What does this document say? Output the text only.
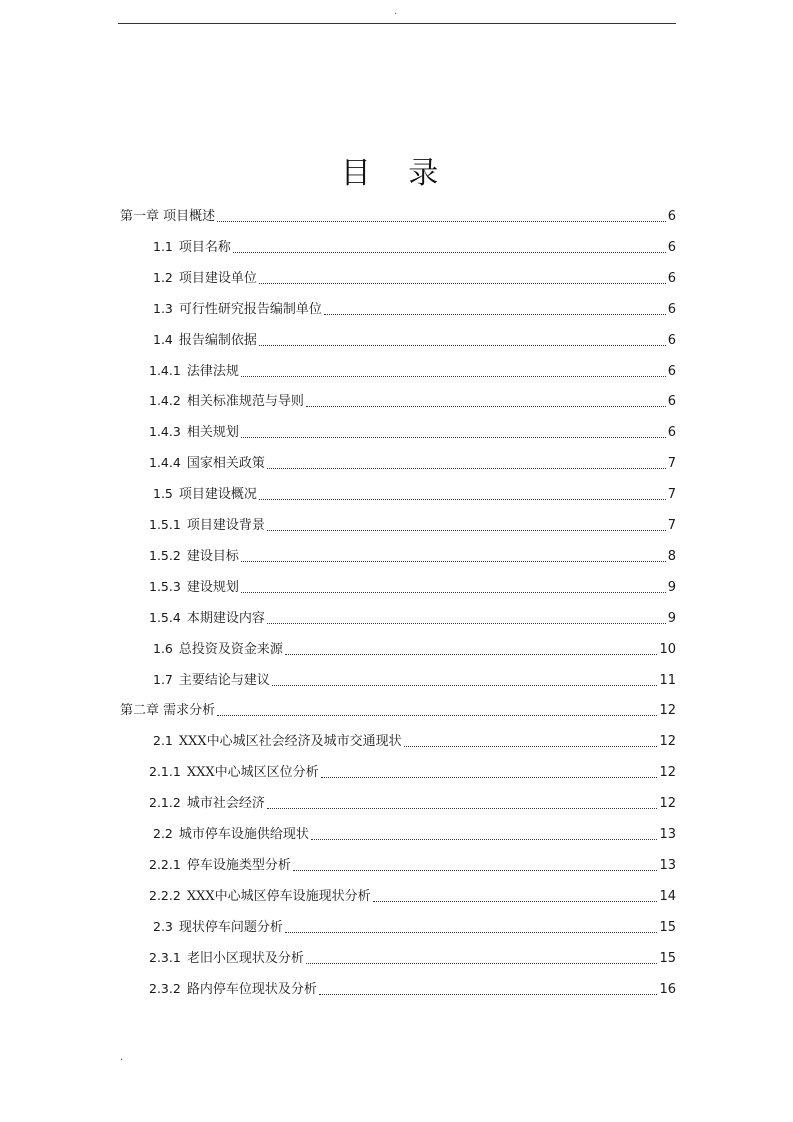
.
目 录
第一章 项目概述	6
1.1 项目名称	6
1.2 项目建设单位	6
1.3 可行性研究报告编制单位	6
1.4 报告编制依据	6
1.4.1 法律法规	6
1.4.2 相关标准规范与导则	6
1.4.3 相关规划	6
1.4.4 国家相关政策	7
1.5 项目建设概况	7
1.5.1 项目建设背景	7
1.5.2 建设目标	8
1.5.3 建设规划	9
1.5.4 本期建设内容	9
1.6 总投资及资金来源	10
1.7 主要结论与建议	11
第二章 需求分析	12
2.1 XXX中心城区社会经济及城市交通现状	12
2.1.1 XXX中心城区区位分析	12
2.1.2 城市社会经济	12
2.2 城市停车设施供给现状	13
2.2.1 停车设施类型分析	13
2.2.2 XXX中心城区停车设施现状分析	14
2.3 现状停车问题分析	15
2.3.1 老旧小区现状及分析	15
2.3.2 路内停车位现状及分析	16
.
